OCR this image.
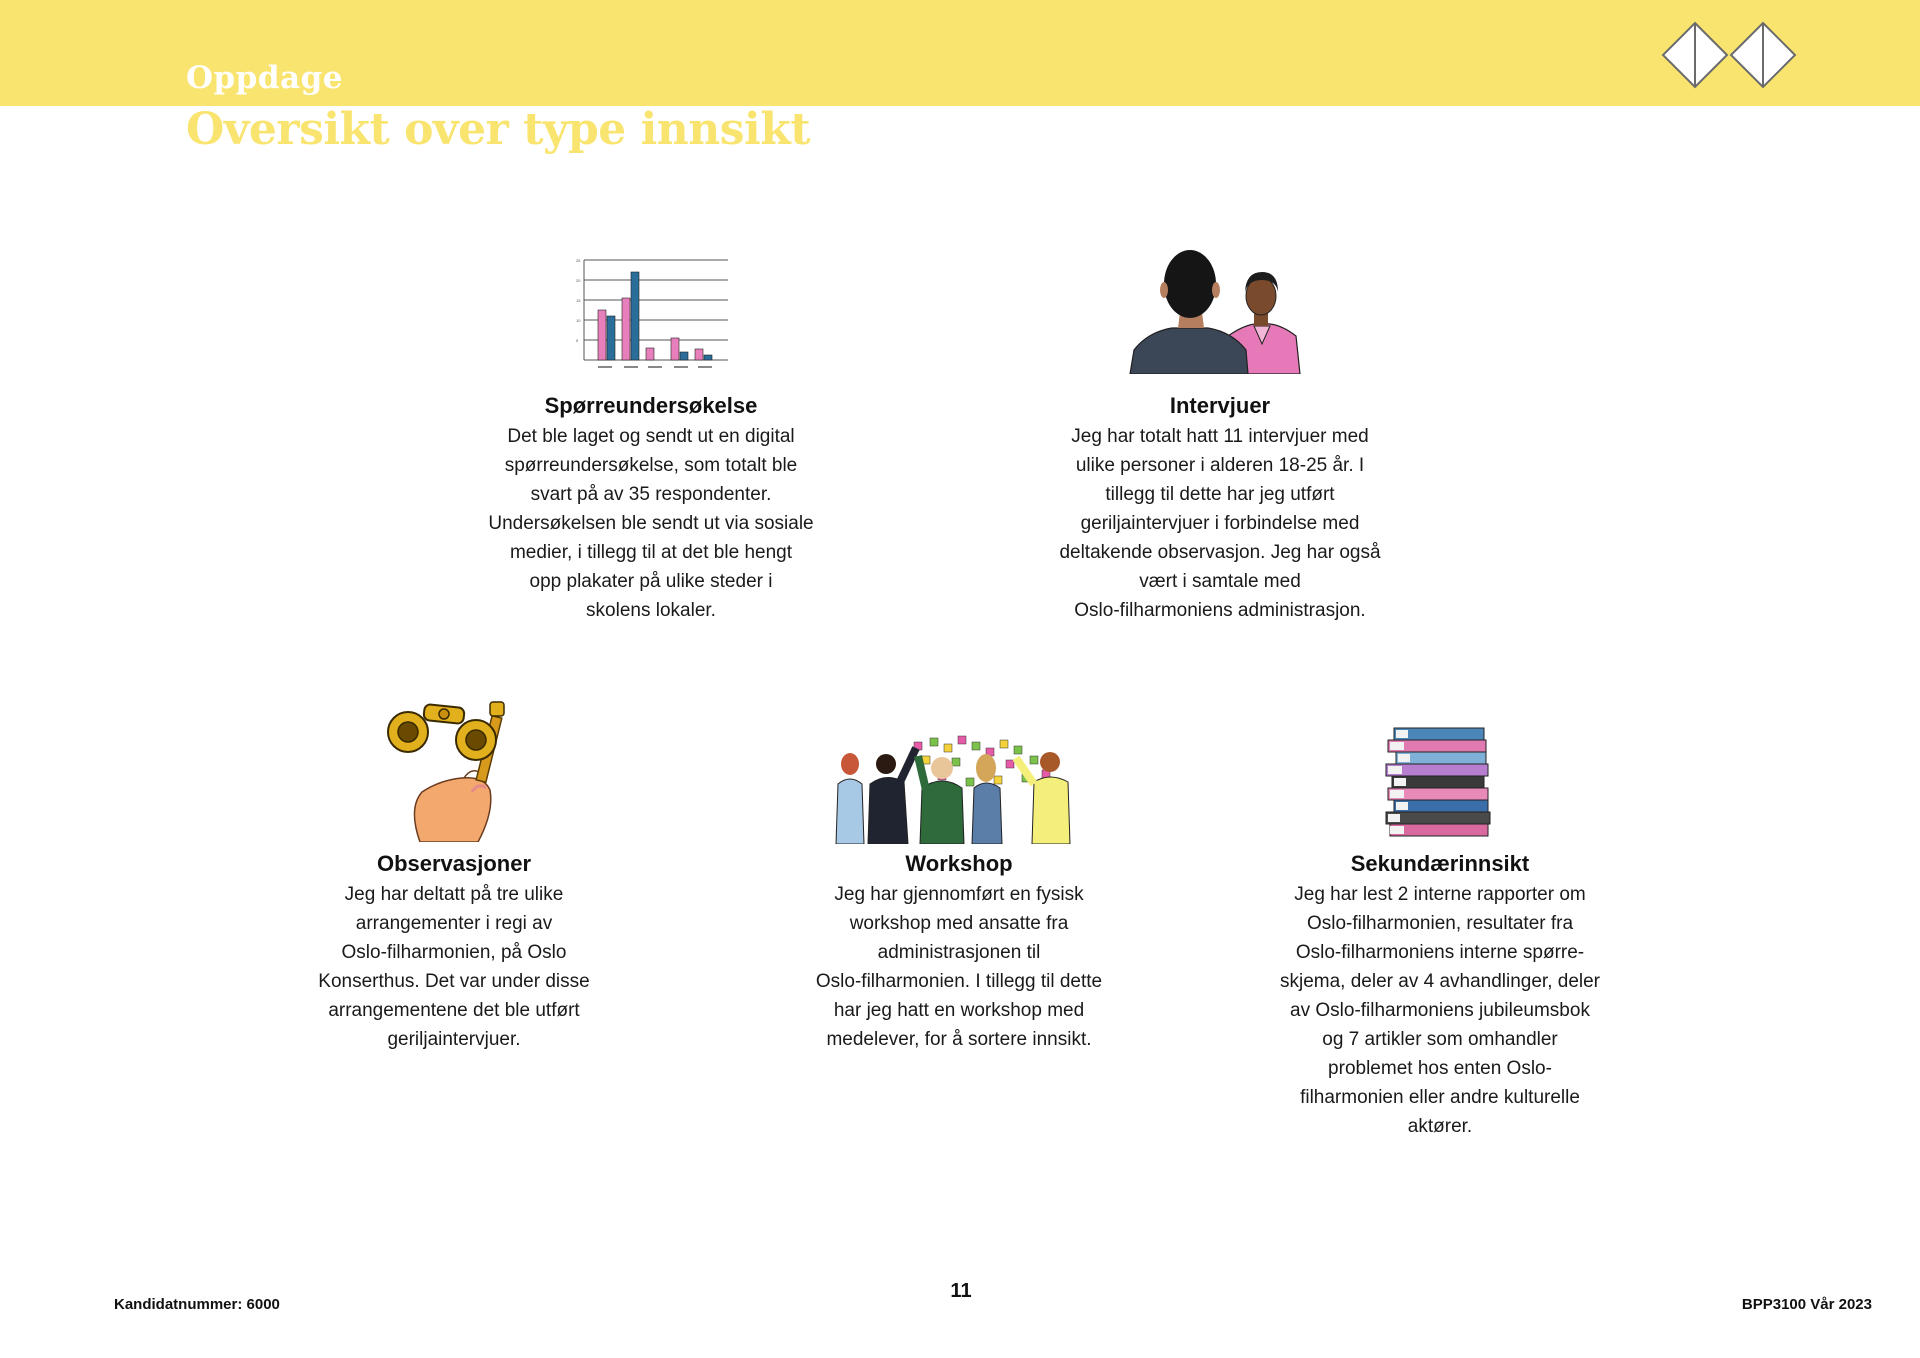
Oppdage
Oversikt over type innsikt
25
20
15
10
5
Spørreundersøkelse

Det ble laget og sendt ut en digital
spørreundersøkelse, som totalt ble
svart på av 35 respondenter.
Undersøkelsen ble sendt ut via sosiale
medier, i tillegg til at det ble hengt
opp plakater på ulike steder i
skolens lokaler.

Intervjuer

Jeg har totalt hatt 11 intervjuer med
ulike personer i alderen 18-25 år. I
tillegg til dette har jeg utført
geriljaintervjuer i forbindelse med
deltakende observasjon. Jeg har også
vært i samtale med
Oslo-filharmoniens administrasjon.

Observasjoner

Jeg har deltatt på tre ulike
arrangementer i regi av
Oslo-filharmonien, på Oslo
Konserthus. Det var under disse
arrangementene det ble utført
geriljaintervjuer.

Workshop

Jeg har gjennomført en fysisk
workshop med ansatte fra
administrasjonen til
Oslo-filharmonien. I tillegg til dette
har jeg hatt en workshop med
medelever, for å sortere innsikt.

Sekundærinnsikt

Jeg har lest 2 interne rapporter om
Oslo-filharmonien, resultater fra
Oslo-filharmoniens interne spørre-
skjema, deler av 4 avhandlinger, deler
av Oslo-filharmoniens jubileumsbok
og 7 artikler som omhandler
problemet hos enten Oslo-
filharmonien eller andre kulturelle
aktører.

Kandidatnummer: 6000
11
BPP3100 Vår 2023
